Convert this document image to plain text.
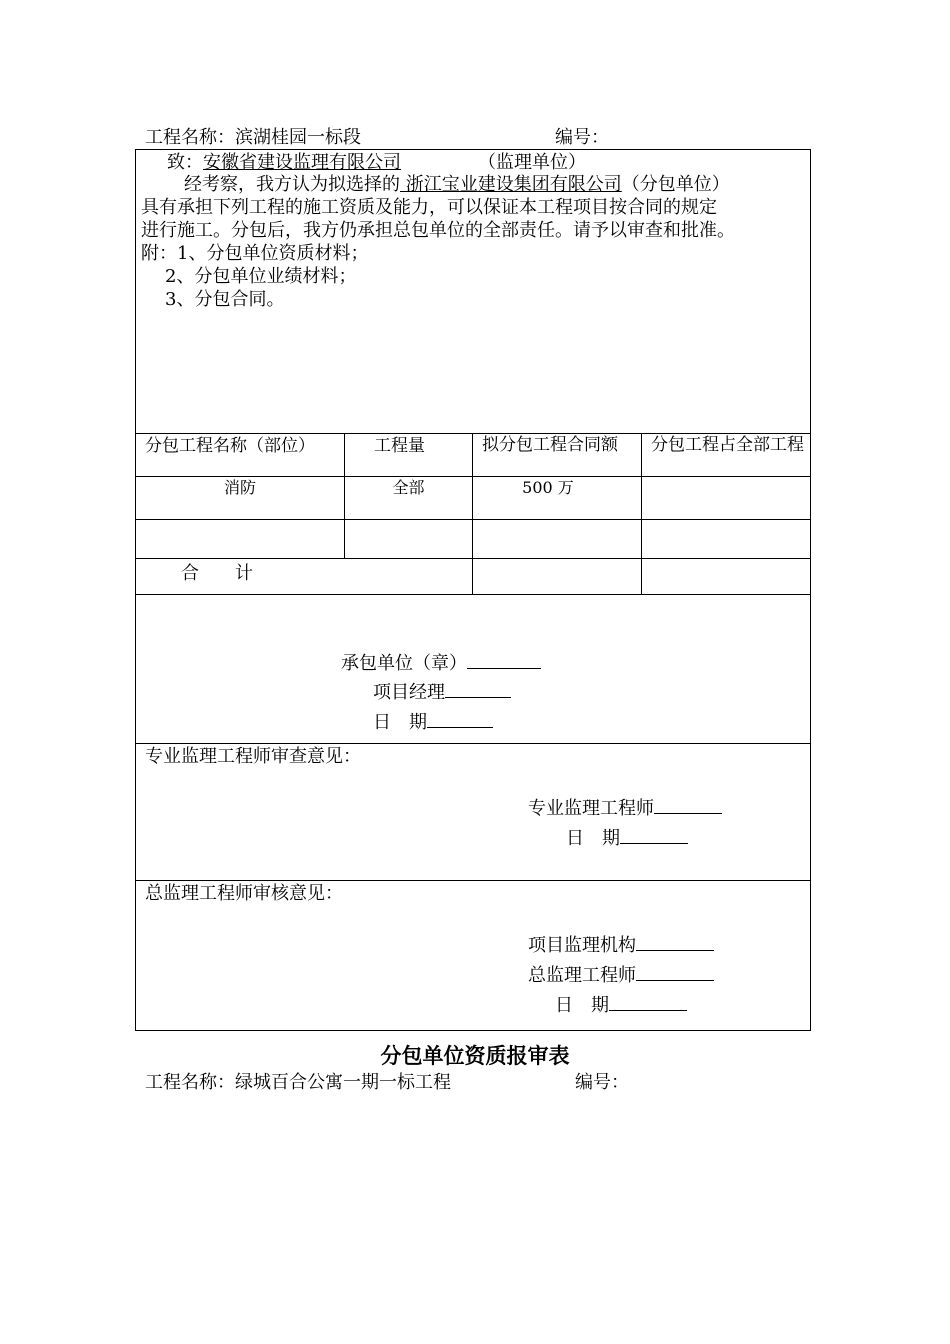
工程名称：滨湖桂园一标段	编号：
致：安徽省建设监理有限公司	（监理单位）
经考察，我方认为拟选择的 浙江宝业建设集团有限公司（分包单位）
具有承担下列工程的施工资质及能力，可以保证本工程项目按合同的规定
进行施工。分包后，我方仍承担总包单位的全部责任。请予以审查和批准。
附：1、分包单位资质材料；
2、分包单位业绩材料；
3、分包合同。
分包工程名称（部位）	工程量	拟分包工程合同额	分包工程占全部工程
消防	全部	500 万
合　　计
承包单位（章）
项目经理
日　期
专业监理工程师审查意见：
专业监理工程师
日　期
总监理工程师审核意见：
项目监理机构
总监理工程师
日　期
分包单位资质报审表
工程名称：绿城百合公寓一期一标工程	编号：
